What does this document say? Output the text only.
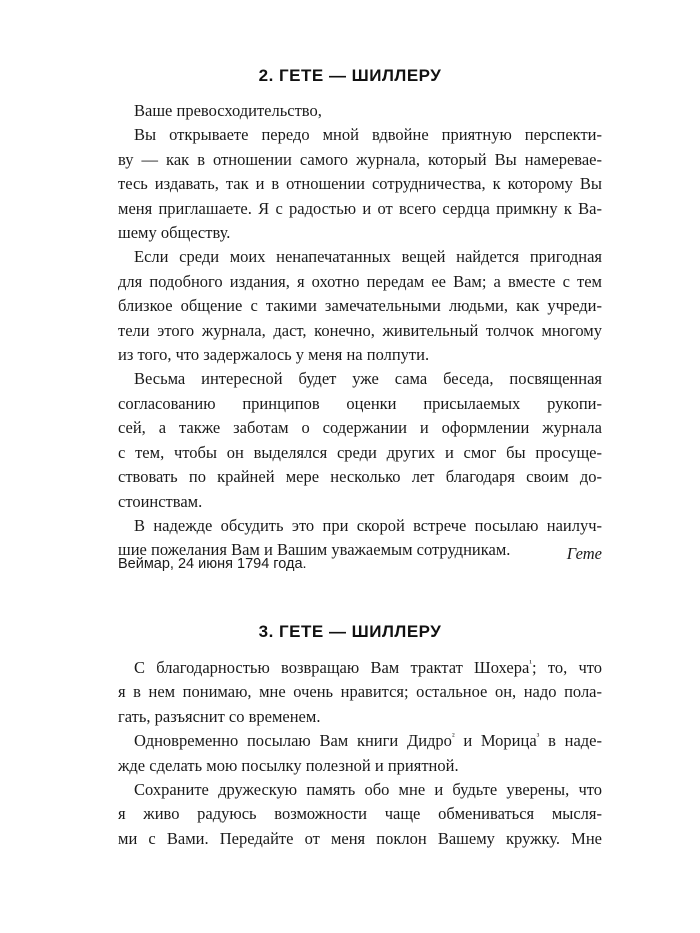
2. ГЕТЕ — ШИЛЛЕРУ

Ваше превосходительство,

Вы открываете передо мной вдвойне приятную перспекти-

ву — как в отношении самого журнала, который Вы намеревае-

тесь издавать, так и в отношении сотрудничества, к которому Вы

меня приглашаете. Я с радостью и от всего сердца примкну к Ва-

шему обществу.

Если среди моих ненапечатанных вещей найдется пригодная

для подобного издания, я охотно передам ее Вам; а вместе с тем

близкое общение с такими замечательными людьми, как учреди-

тели этого журнала, даст, конечно, живительный толчок многому

из того, что задержалось у меня на полпути.

Весьма интересной будет уже сама беседа, посвященная

согласованию принципов оценки присылаемых рукопи-

сей, а также заботам о содержании и оформлении журнала

с тем, чтобы он выделялся среди других и смог бы просуще-

ствовать по крайней мере несколько лет благодаря своим до-

стоинствам.

В надежде обсудить это при скорой встрече посылаю наилуч-

шие пожелания Вам и Вашим уважаемым сотрудникам.	Гете
Веймар, 24 июня 1794 года.
3. ГЕТЕ — ШИЛЛЕРУ

С благодарностью возвращаю Вам трактат Шохера$^{^1}$; то, что

я в нем понимаю, мне очень нравится; остальное он, надо пола-

гать, разъяснит со временем.

Одновременно посылаю Вам книги Дидро$^{^2}$ и Морица$^{^3}$ в наде-

жде сделать мою посылку полезной и приятной.

Сохраните дружескую память обо мне и будьте уверены, что

я живо радуюсь возможности чаще обмениваться мысля-

ми с Вами. Передайте от меня поклон Вашему кружку. Мне
